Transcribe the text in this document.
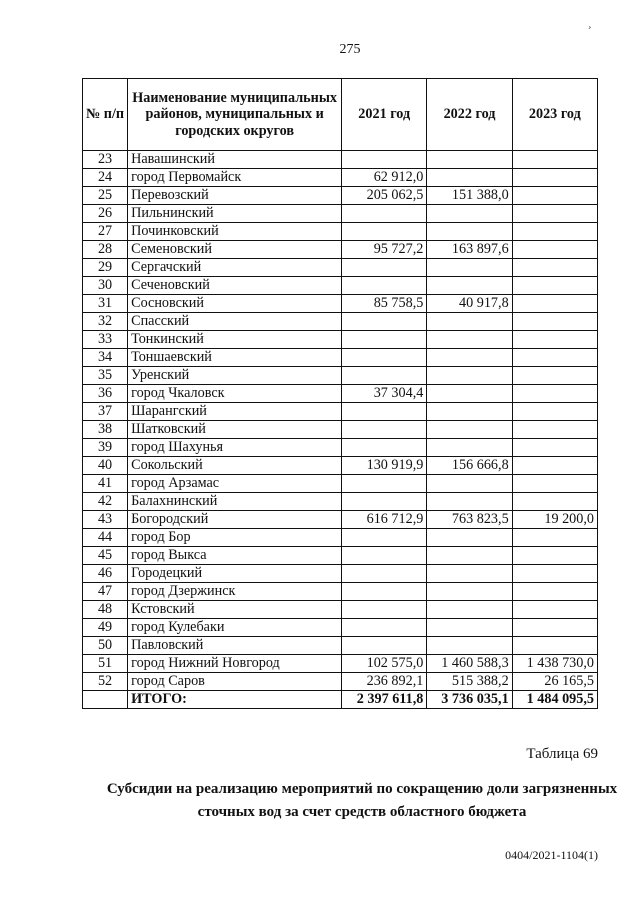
¸
275
№ п/п	Наименование муниципальных районов, муниципальных и городских округов	2021 год	2022 год	2023 год
23	Навашинский			
24	город Первомайск	62 912,0		
25	Перевозский	205 062,5	151 388,0	
26	Пильнинский			
27	Починковский			
28	Семеновский	95 727,2	163 897,6	
29	Сергачский			
30	Сеченовский			
31	Сосновский	85 758,5	40 917,8	
32	Спасский			
33	Тонкинский			
34	Тоншаевский			
35	Уренский			
36	город Чкаловск	37 304,4		
37	Шарангский			
38	Шатковский			
39	город Шахунья			
40	Сокольский	130 919,9	156 666,8	
41	город Арзамас			
42	Балахнинский			
43	Богородский	616 712,9	763 823,5	19 200,0
44	город Бор			
45	город Выкса			
46	Городецкий			
47	город Дзержинск			
48	Кстовский			
49	город Кулебаки			
50	Павловский			
51	город Нижний Новгород	102 575,0	1 460 588,3	1 438 730,0
52	город Саров	236 892,1	515 388,2	26 165,5
	ИТОГО:	2 397 611,8	3 736 035,1	1 484 095,5
Таблица 69
Субсидии на реализацию мероприятий по сокращению доли загрязненных сточных вод за счет средств областного бюджета
0404/2021-1104(1)
